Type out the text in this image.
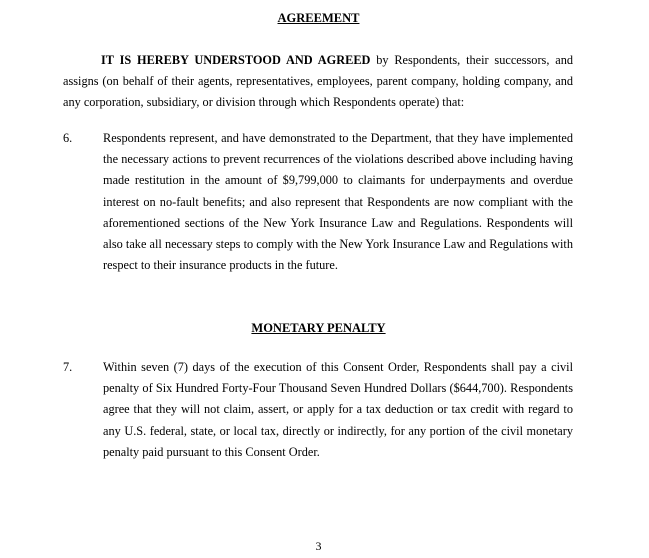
AGREEMENT
IT IS HEREBY UNDERSTOOD AND AGREED by Respondents, their successors, and assigns (on behalf of their agents, representatives, employees, parent company, holding company, and any corporation, subsidiary, or division through which Respondents operate) that:
6.	Respondents represent, and have demonstrated to the Department, that they have implemented the necessary actions to prevent recurrences of the violations described above including having made restitution in the amount of $9,799,000 to claimants for underpayments and overdue interest on no-fault benefits; and also represent that Respondents are now compliant with the aforementioned sections of the New York Insurance Law and Regulations. Respondents will also take all necessary steps to comply with the New York Insurance Law and Regulations with respect to their insurance products in the future.
MONETARY PENALTY
7.	Within seven (7) days of the execution of this Consent Order, Respondents shall pay a civil penalty of Six Hundred Forty-Four Thousand Seven Hundred Dollars ($644,700). Respondents agree that they will not claim, assert, or apply for a tax deduction or tax credit with regard to any U.S. federal, state, or local tax, directly or indirectly, for any portion of the civil monetary penalty paid pursuant to this Consent Order.
3
